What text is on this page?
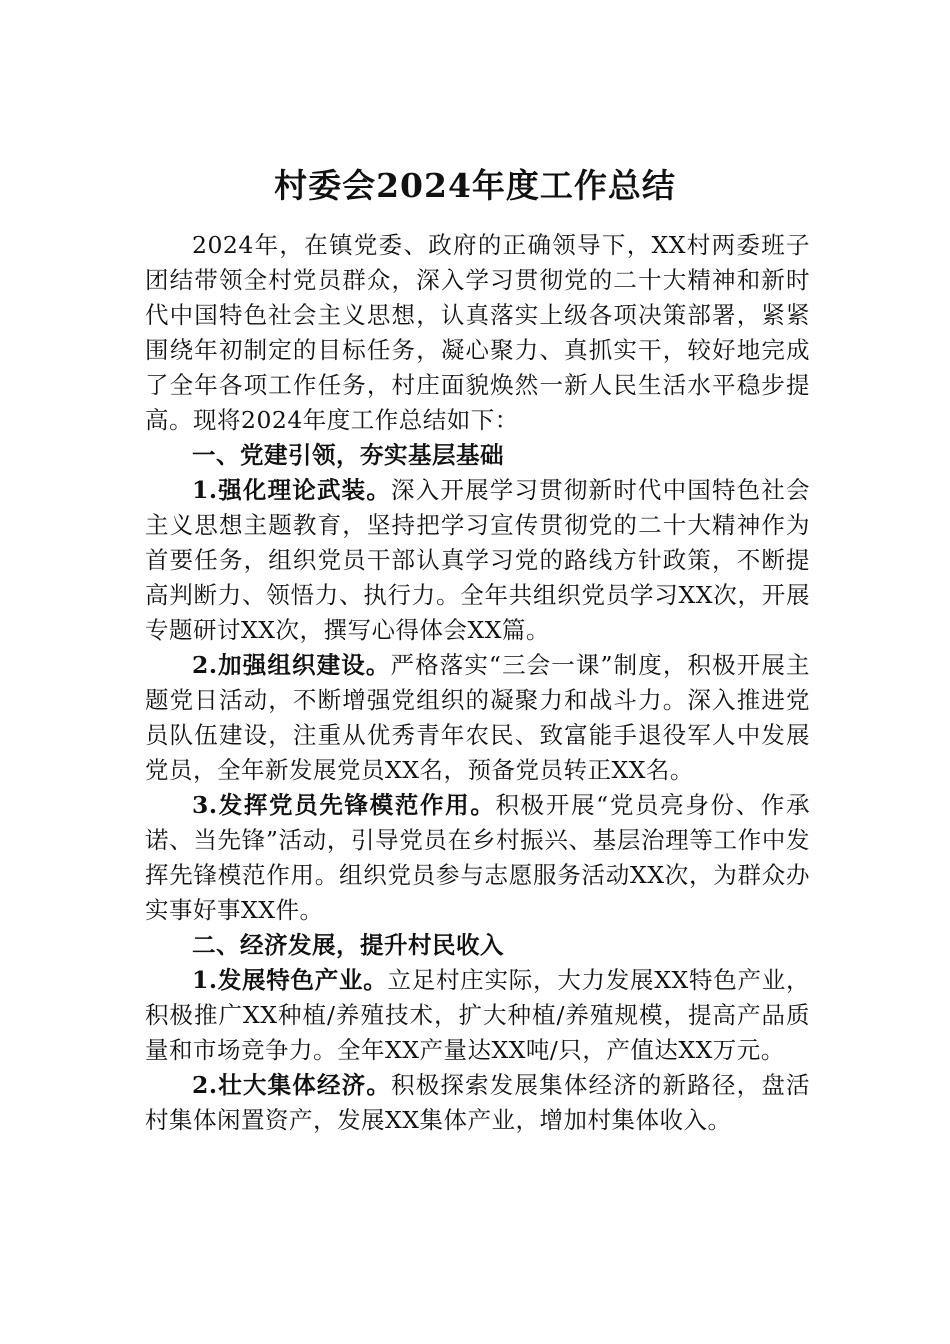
村委会2024年度工作总结

2024年，在镇党委、政府的正确领导下，XX村两委班子团结带领全村党员群众，深入学习贯彻党的二十大精神和新时代中国特色社会主义思想，认真落实上级各项决策部署，紧紧围绕年初制定的目标任务，凝心聚力、真抓实干，较好地完成了全年各项工作任务，村庄面貌焕然一新人民生活水平稳步提高。现将2024年度工作总结如下：

一、党建引领，夯实基层基础

1.强化理论武装。深入开展学习贯彻新时代中国特色社会主义思想主题教育，坚持把学习宣传贯彻党的二十大精神作为首要任务，组织党员干部认真学习党的路线方针政策，不断提高判断力、领悟力、执行力。全年共组织党员学习XX次，开展专题研讨XX次，撰写心得体会XX篇。

2.加强组织建设。严格落实“三会一课”制度，积极开展主题党日活动，不断增强党组织的凝聚力和战斗力。深入推进党员队伍建设，注重从优秀青年农民、致富能手退役军人中发展党员，全年新发展党员XX名，预备党员转正XX名。

3.发挥党员先锋模范作用。积极开展“党员亮身份、作承诺、当先锋”活动，引导党员在乡村振兴、基层治理等工作中发挥先锋模范作用。组织党员参与志愿服务活动XX次，为群众办实事好事XX件。

二、经济发展，提升村民收入

1.发展特色产业。立足村庄实际，大力发展XX特色产业，积极推广XX种植/养殖技术，扩大种植/养殖规模，提高产品质量和市场竞争力。全年XX产量达XX吨/只，产值达XX万元。

2.壮大集体经济。积极探索发展集体经济的新路径，盘活村集体闲置资产，发展XX集体产业，增加村集体收入。
